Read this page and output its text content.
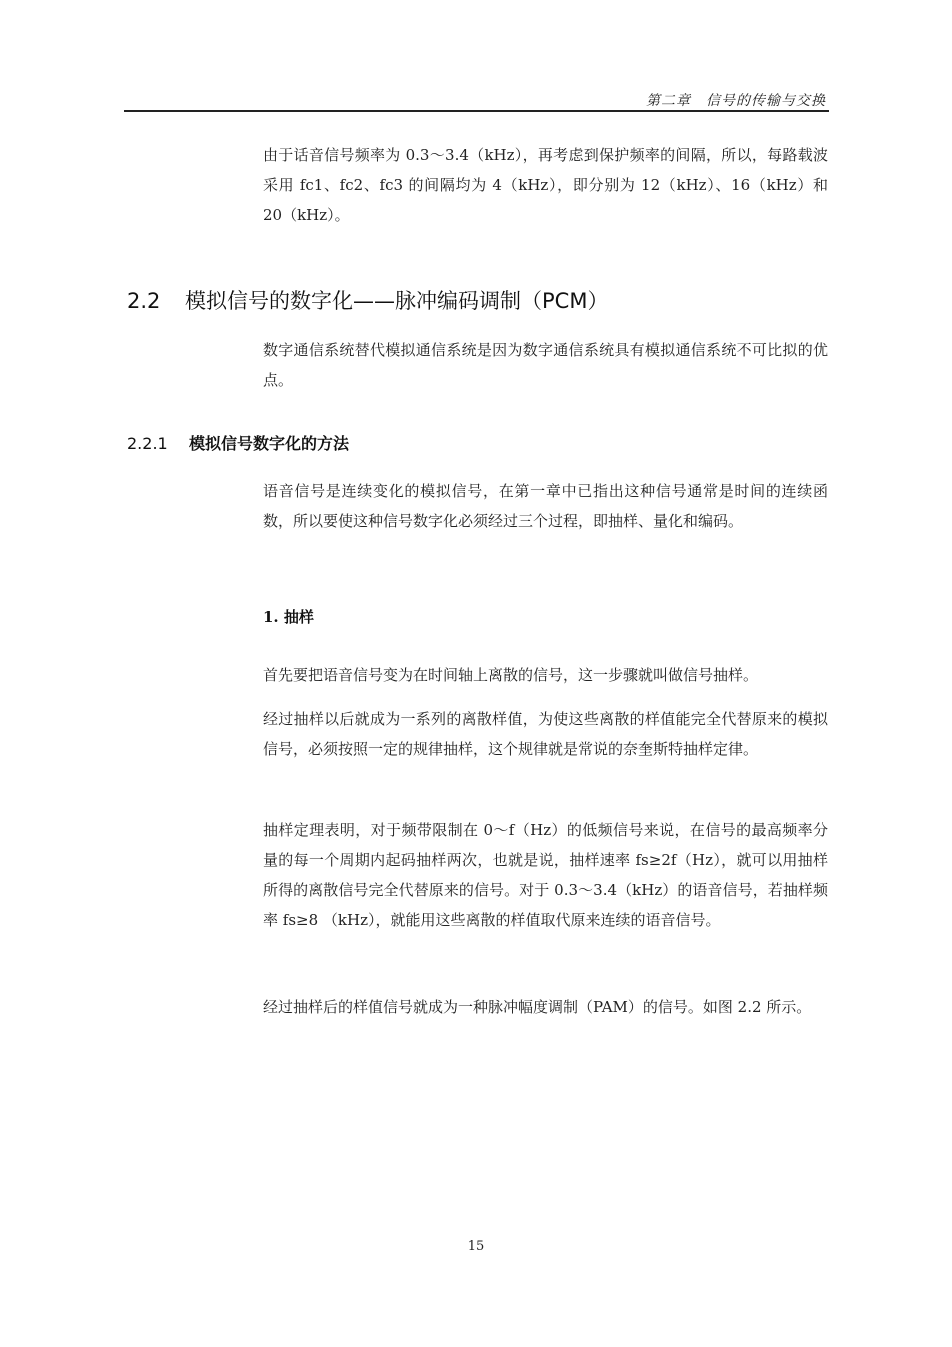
第二章　信号的传输与交换

由于话音信号频率为 0.3～3.4（kHz），再考虑到保护频率的间隔，所以，每路载波采用 fc1、fc2、fc3 的间隔均为 4（kHz），即分别为 12（kHz）、16（kHz）和 20（kHz）。

2.2 模拟信号的数字化——脉冲编码调制（PCM）

数字通信系统替代模拟通信系统是因为数字通信系统具有模拟通信系统不可比拟的优点。

2.2.1 模拟信号数字化的方法

语音信号是连续变化的模拟信号，在第一章中已指出这种信号通常是时间的连续函数，所以要使这种信号数字化必须经过三个过程，即抽样、量化和编码。

1. 抽样

首先要把语音信号变为在时间轴上离散的信号，这一步骤就叫做信号抽样。

经过抽样以后就成为一系列的离散样值，为使这些离散的样值能完全代替原来的模拟信号，必须按照一定的规律抽样，这个规律就是常说的奈奎斯特抽样定律。

抽样定理表明，对于频带限制在 0～f（Hz）的低频信号来说，在信号的最高频率分量的每一个周期内起码抽样两次，也就是说，抽样速率 fs≥2f（Hz），就可以用抽样所得的离散信号完全代替原来的信号。对于 0.3～3.4（kHz）的语音信号，若抽样频率 fs≥8 （kHz），就能用这些离散的样值取代原来连续的语音信号。

经过抽样后的样值信号就成为一种脉冲幅度调制（PAM）的信号。如图 2.2 所示。

15
